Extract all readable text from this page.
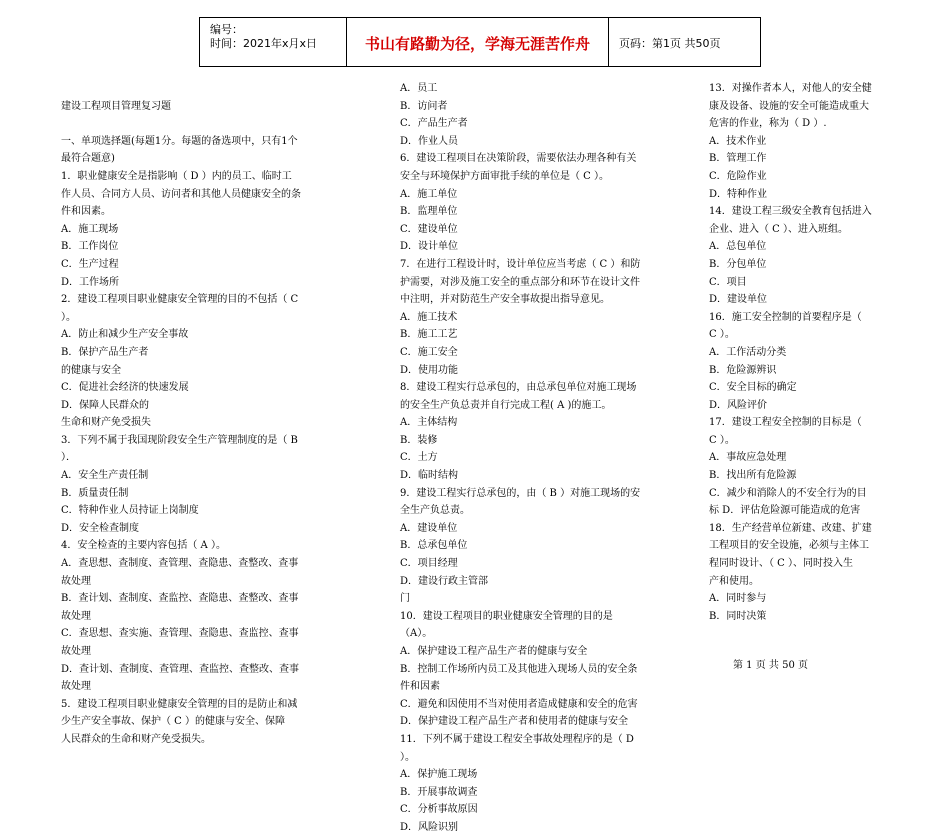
编号：
时间：2021年x月x日	书山有路勤为径，学海无涯苦作舟	页码：第1页 共50页
建设工程项目管理复习题
一、单项选择题(每题1分。每题的备选项中，只有1个
最符合题意)
1．职业健康安全是指影响（ D ）内的员工、临时工
作人员、合同方人员、访问者和其他人员健康安全的条
件和因素。
A．施工现场
B．工作岗位
C．生产过程
D．工作场所
2．建设工程项目职业健康安全管理的目的不包括（ C
）。
A．防止和减少生产安全事故
B．保护产品生产者
的健康与安全
C．促进社会经济的快速发展
D．保障人民群众的
生命和财产免受损失
3．下列不属于我国现阶段安全生产管理制度的是（ B
）．
A．安全生产责任制
B．质量责任制
C．特种作业人员持证上岗制度
D．安全检查制度
4．安全检查的主要内容包括（ A ）。
A．查思想、查制度、查管理、查隐患、查整改、查事
故处理
B．查计划、查制度、查监控、查隐患、查整改、查事
故处理
C．查思想、查实施、查管理、查隐患、查监控、查事
故处理
D．查计划、查制度、查管理、查监控、查整改、查事
故处理
5．建设工程项目职业健康安全管理的目的是防止和减
少生产安全事故、保护（ C ）的健康与安全、保障
人民群众的生命和财产免受损失。
A．员工
B．访问者
C．产品生产者
D．作业人员
6．建设工程项目在决策阶段，需要依法办理各种有关
安全与环境保护方面审批手续的单位是（ C ）。
A．施工单位
B．监理单位
C．建设单位
D．设计单位
7．在进行工程设计时，设计单位应当考虑（ C ）和防
护需要，对涉及施工安全的重点部分和环节在设计文件
中注明，并对防范生产安全事故提出指导意见。
A．施工技术
B．施工工艺
C．施工安全
D．使用功能
8．建设工程实行总承包的，由总承包单位对施工现场
的安全生产负总责并自行完成工程( A )的施工。
A．主体结构
B．装修
C．土方
D．临时结构
9．建设工程实行总承包的，由（ B ）对施工现场的安
全生产负总责。
A．建设单位
B．总承包单位
C．项目经理
D．建设行政主管部
门
10．建设工程项目的职业健康安全管理的目的是
（A）。
A．保护建设工程产品生产者的健康与安全
B．控制工作场所内员工及其他进入现场人员的安全条
件和因素
C．避免和因使用不当对使用者造成健康和安全的危害
D．保护建设工程产品生产者和使用者的健康与安全
11．下列不属于建设工程安全事故处理程序的是（ D
）。
A．保护施工现场
B．开展事故调查
C．分析事故原因
D．风险识别
13．对操作者本人，对他人的安全健
康及设备、设施的安全可能造成重大
危害的作业，称为（ D ）.
A．技术作业
B．管理工作
C．危险作业
D．特种作业
14．建设工程三级安全教育包括进入
企业、进入（ C ）、进入班组。
A．总包单位
B．分包单位
C．项目
D．建设单位
16．施工安全控制的首要程序是（
C ）。
A．工作活动分类
B．危险源辨识
C．安全目标的确定
D．风险评价
17．建设工程安全控制的目标是（
C ）。
A．事故应急处理
B．找出所有危险源
C．减少和消除人的不安全行为的目
标 D．评估危险源可能造成的危害
18．生产经营单位新建、改建、扩建
工程项目的安全设施，必须与主体工
程同时设计、（ C ）、同时投入生
产和使用。
A．同时参与
B．同时决策
第 1 页 共 50 页
